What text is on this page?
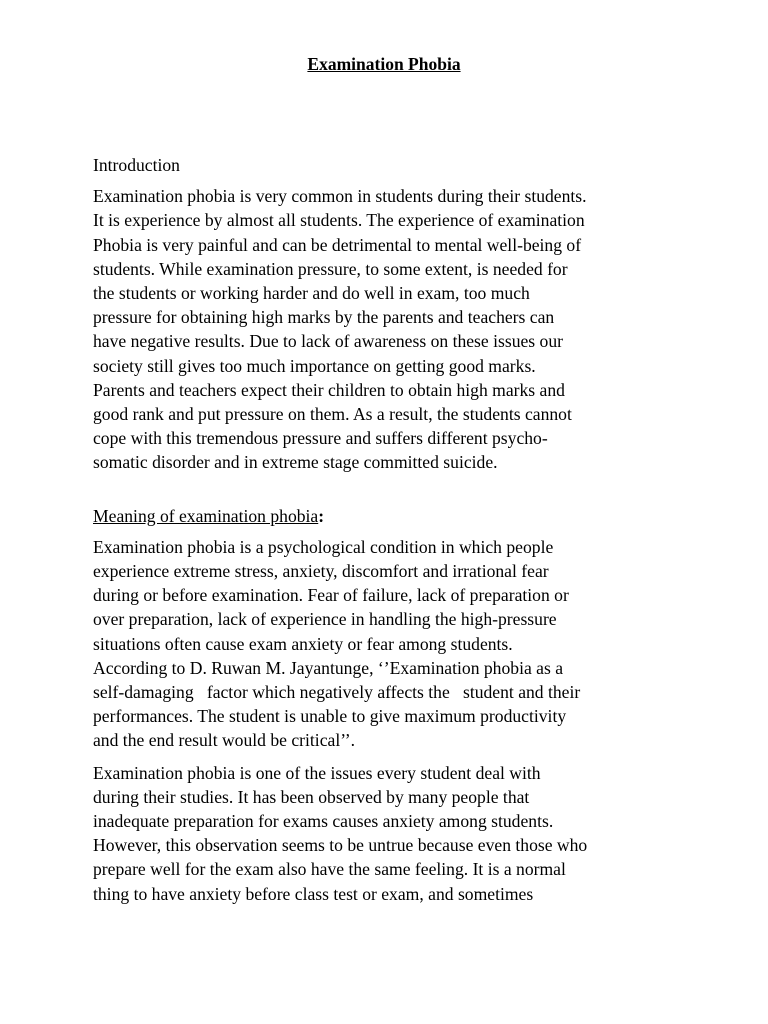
Examination Phobia
Introduction
Examination phobia is very common in students during their students.
It is experience by almost all students. The experience of examination
Phobia is very painful and can be detrimental to mental well-being of
students. While examination pressure, to some extent, is needed for
the students or working harder and do well in exam, too much
pressure for obtaining high marks by the parents and teachers can
have negative results. Due to lack of awareness on these issues our
society still gives too much importance on getting good marks.
Parents and teachers expect their children to obtain high marks and
good rank and put pressure on them. As a result, the students cannot
cope with this tremendous pressure and suffers different psycho-
somatic disorder and in extreme stage committed suicide.
Meaning of examination phobia:
Examination phobia is a psychological condition in which people
experience extreme stress, anxiety, discomfort and irrational fear
during or before examination. Fear of failure, lack of preparation or
over preparation, lack of experience in handling the high-pressure
situations often cause exam anxiety or fear among students.
According to D. Ruwan M. Jayantunge, ‘’Examination phobia as a
self-damaging   factor which negatively affects the   student and their
performances. The student is unable to give maximum productivity
and the end result would be critical’’.
Examination phobia is one of the issues every student deal with
during their studies. It has been observed by many people that
inadequate preparation for exams causes anxiety among students.
However, this observation seems to be untrue because even those who
prepare well for the exam also have the same feeling. It is a normal
thing to have anxiety before class test or exam, and sometimes
